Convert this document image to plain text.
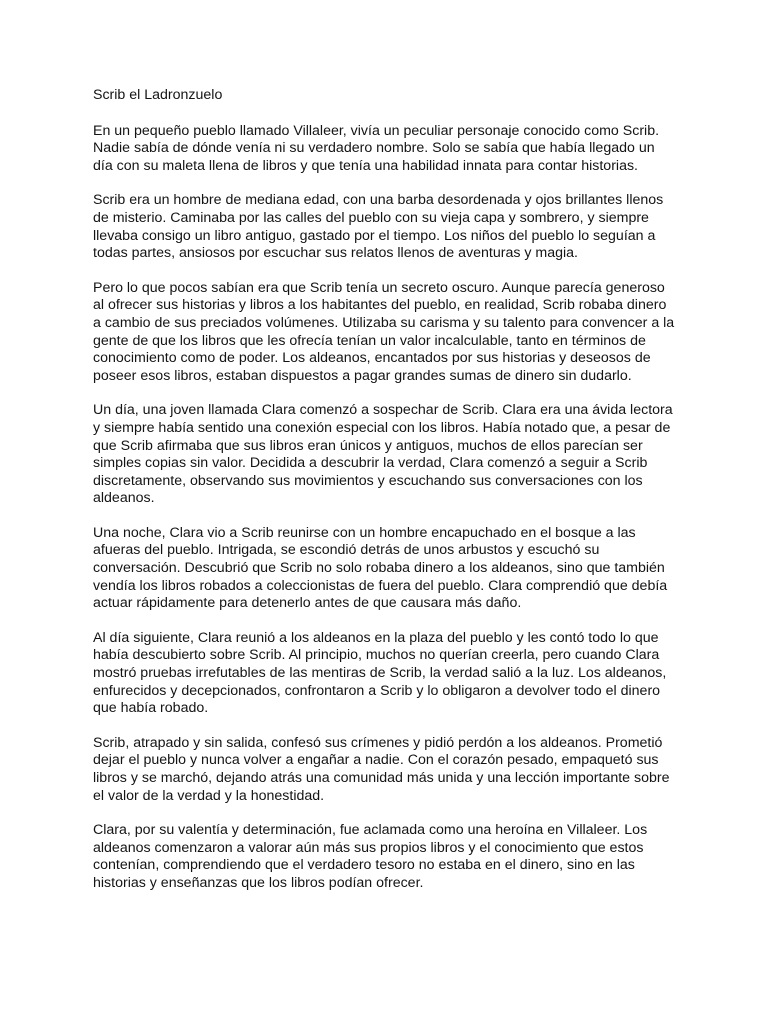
Scrib el Ladronzuelo

En un pequeño pueblo llamado Villaleer, vivía un peculiar personaje conocido como Scrib.
Nadie sabía de dónde venía ni su verdadero nombre. Solo se sabía que había llegado un
día con su maleta llena de libros y que tenía una habilidad innata para contar historias.

Scrib era un hombre de mediana edad, con una barba desordenada y ojos brillantes llenos
de misterio. Caminaba por las calles del pueblo con su vieja capa y sombrero, y siempre
llevaba consigo un libro antiguo, gastado por el tiempo. Los niños del pueblo lo seguían a
todas partes, ansiosos por escuchar sus relatos llenos de aventuras y magia.

Pero lo que pocos sabían era que Scrib tenía un secreto oscuro. Aunque parecía generoso
al ofrecer sus historias y libros a los habitantes del pueblo, en realidad, Scrib robaba dinero
a cambio de sus preciados volúmenes. Utilizaba su carisma y su talento para convencer a la
gente de que los libros que les ofrecía tenían un valor incalculable, tanto en términos de
conocimiento como de poder. Los aldeanos, encantados por sus historias y deseosos de
poseer esos libros, estaban dispuestos a pagar grandes sumas de dinero sin dudarlo.

Un día, una joven llamada Clara comenzó a sospechar de Scrib. Clara era una ávida lectora
y siempre había sentido una conexión especial con los libros. Había notado que, a pesar de
que Scrib afirmaba que sus libros eran únicos y antiguos, muchos de ellos parecían ser
simples copias sin valor. Decidida a descubrir la verdad, Clara comenzó a seguir a Scrib
discretamente, observando sus movimientos y escuchando sus conversaciones con los
aldeanos.

Una noche, Clara vio a Scrib reunirse con un hombre encapuchado en el bosque a las
afueras del pueblo. Intrigada, se escondió detrás de unos arbustos y escuchó su
conversación. Descubrió que Scrib no solo robaba dinero a los aldeanos, sino que también
vendía los libros robados a coleccionistas de fuera del pueblo. Clara comprendió que debía
actuar rápidamente para detenerlo antes de que causara más daño.

Al día siguiente, Clara reunió a los aldeanos en la plaza del pueblo y les contó todo lo que
había descubierto sobre Scrib. Al principio, muchos no querían creerla, pero cuando Clara
mostró pruebas irrefutables de las mentiras de Scrib, la verdad salió a la luz. Los aldeanos,
enfurecidos y decepcionados, confrontaron a Scrib y lo obligaron a devolver todo el dinero
que había robado.

Scrib, atrapado y sin salida, confesó sus crímenes y pidió perdón a los aldeanos. Prometió
dejar el pueblo y nunca volver a engañar a nadie. Con el corazón pesado, empaquetó sus
libros y se marchó, dejando atrás una comunidad más unida y una lección importante sobre
el valor de la verdad y la honestidad.

Clara, por su valentía y determinación, fue aclamada como una heroína en Villaleer. Los
aldeanos comenzaron a valorar aún más sus propios libros y el conocimiento que estos
contenían, comprendiendo que el verdadero tesoro no estaba en el dinero, sino en las
historias y enseñanzas que los libros podían ofrecer.
